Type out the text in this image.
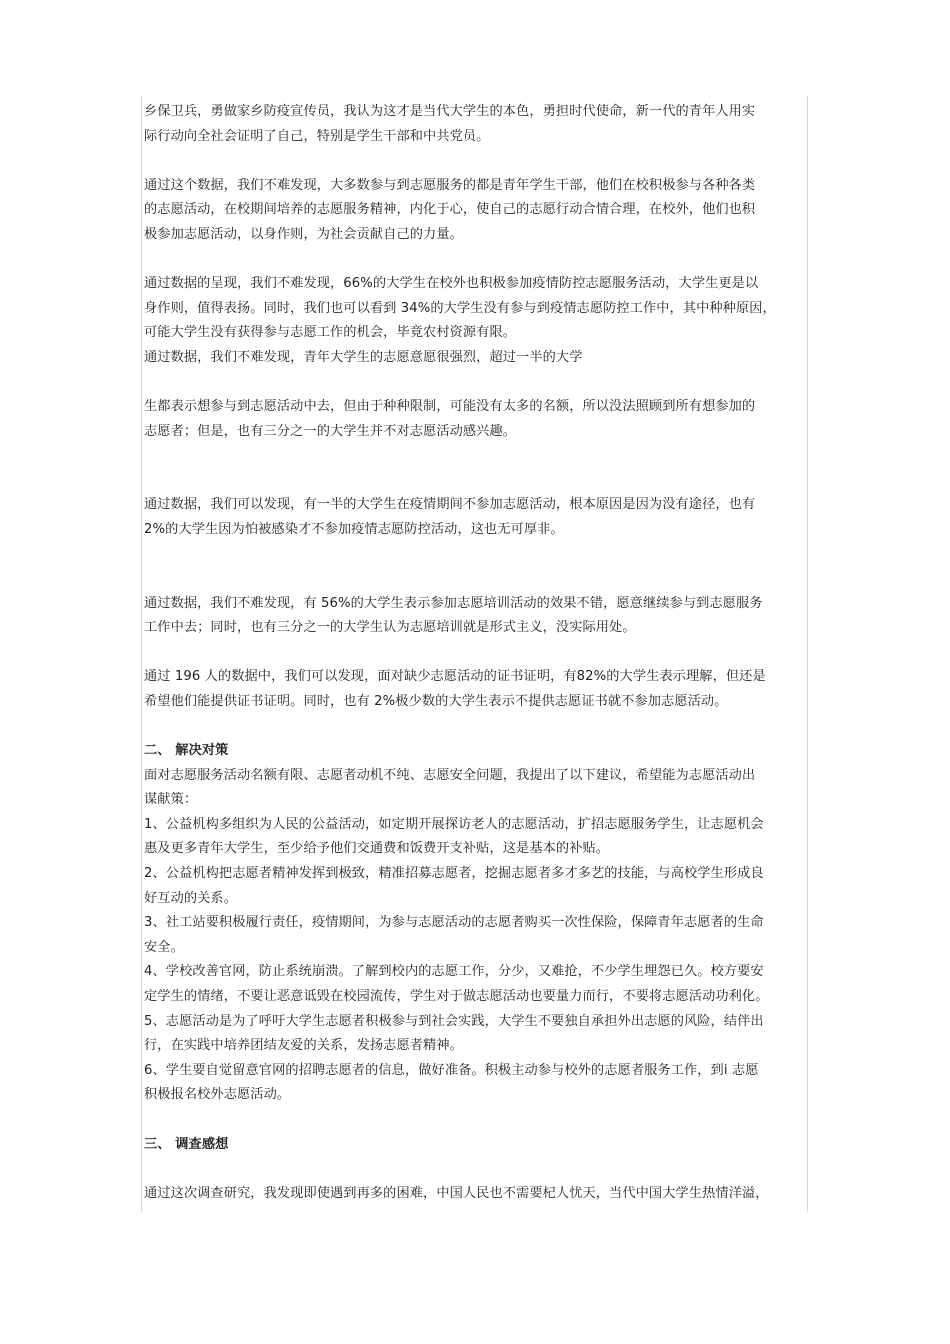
乡保卫兵，勇做家乡防疫宣传员，我认为这才是当代大学生的本色，勇担时代使命，新一代的青年人用实

际行动向全社会证明了自己，特别是学生干部和中共党员。

通过这个数据，我们不难发现，大多数参与到志愿服务的都是青年学生干部，他们在校积极参与各种各类

的志愿活动，在校期间培养的志愿服务精神，内化于心，使自己的志愿行动合情合理，在校外，他们也积

极参加志愿活动，以身作则，为社会贡献自己的力量。

通过数据的呈现，我们不难发现，66%的大学生在校外也积极参加疫情防控志愿服务活动，大学生更是以

身作则，值得表扬。同时，我们也可以看到 34%的大学生没有参与到疫情志愿防控工作中，其中种种原因，

可能大学生没有获得参与志愿工作的机会，毕竟农村资源有限。

通过数据，我们不难发现，青年大学生的志愿意愿很强烈，超过一半的大学

生都表示想参与到志愿活动中去，但由于种种限制，可能没有太多的名额，所以没法照顾到所有想参加的

志愿者；但是，也有三分之一的大学生并不对志愿活动感兴趣。

通过数据，我们可以发现，有一半的大学生在疫情期间不参加志愿活动，根本原因是因为没有途径，也有

2%的大学生因为怕被感染才不参加疫情志愿防控活动，这也无可厚非。

通过数据，我们不难发现，有 56%的大学生表示参加志愿培训活动的效果不错，愿意继续参与到志愿服务

工作中去；同时，也有三分之一的大学生认为志愿培训就是形式主义，没实际用处。

通过 196 人的数据中，我们可以发现，面对缺少志愿活动的证书证明，有82%的大学生表示理解，但还是

希望他们能提供证书证明。同时，也有 2%极少数的大学生表示不提供志愿证书就不参加志愿活动。

二、 解决对策

面对志愿服务活动名额有限、志愿者动机不纯、志愿安全问题，我提出了以下建议，希望能为志愿活动出

谋献策：

1、公益机构多组织为人民的公益活动，如定期开展探访老人的志愿活动，扩招志愿服务学生，让志愿机会

惠及更多青年大学生，至少给予他们交通费和饭费开支补贴，这是基本的补贴。

2、公益机构把志愿者精神发挥到极致，精准招募志愿者，挖掘志愿者多才多艺的技能，与高校学生形成良

好互动的关系。

3、社工站要积极履行责任，疫情期间，为参与志愿活动的志愿者购买一次性保险，保障青年志愿者的生命

安全。

4、学校改善官网，防止系统崩溃。了解到校内的志愿工作，分少，又难抢，不少学生埋怨已久。校方要安

定学生的情绪，不要让恶意诋毁在校园流传，学生对于做志愿活动也要量力而行，不要将志愿活动功利化。

5、志愿活动是为了呼吁大学生志愿者积极参与到社会实践，大学生不要独自承担外出志愿的风险，结伴出

行，在实践中培养团结友爱的关系，发扬志愿者精神。

6、学生要自觉留意官网的招聘志愿者的信息，做好准备。积极主动参与校外的志愿者服务工作，到i 志愿

积极报名校外志愿活动。

三、 调查感想

通过这次调查研究，我发现即使遇到再多的困难，中国人民也不需要杞人忧天，当代中国大学生热情洋溢，
